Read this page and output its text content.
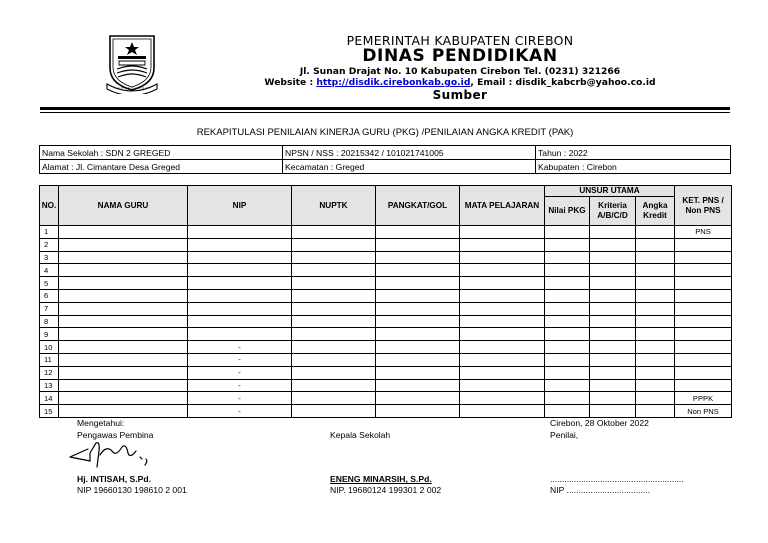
PEMERINTAH KABUPATEN CIREBON
DINAS PENDIDIKAN
Jl. Sunan Drajat No. 10 Kabupaten Cirebon Tel. (0231) 321266
Website : http://disdik.cirebonkab.go.id, Email : disdik_kabcrb@yahoo.co.id
Sumber
REKAPITULASI PENILAIAN KINERJA GURU (PKG) /PENILAIAN ANGKA KREDIT (PAK)
Nama Sekolah : SDN 2 GREGED	NPSN / NSS : 20215342 / 101021741005	Tahun : 2022
Alamat : Jl. Cimantare Desa Greged	Kecamatan : Greged	Kabupaten : Cirebon
NO.	NAMA GURU	NIP	NUPTK	PANGKAT/GOL	MATA PELAJARAN	UNSUR UTAMA			KET. PNS / Non PNS
						Nilai PKG	Kriteria A/B/C/D	Angka Kredit	
1									PNS
2									
3									
4									
5									
6									
7									
8									
9									
10		-							
11		-							
12		-							
13		-							
14		-							PPPK
15		-							Non PNS
Mengetahui:
Pengawas Pembina
Hj. INTISAH, S.Pd.
NIP 19660130 198610 2 001
Kepala Sekolah
ENENG MINARSIH, S.Pd.
NIP. 19680124 199301 2 002
Cirebon, 28 Oktober 2022
Penilai,
........................................................
NIP ...................................
